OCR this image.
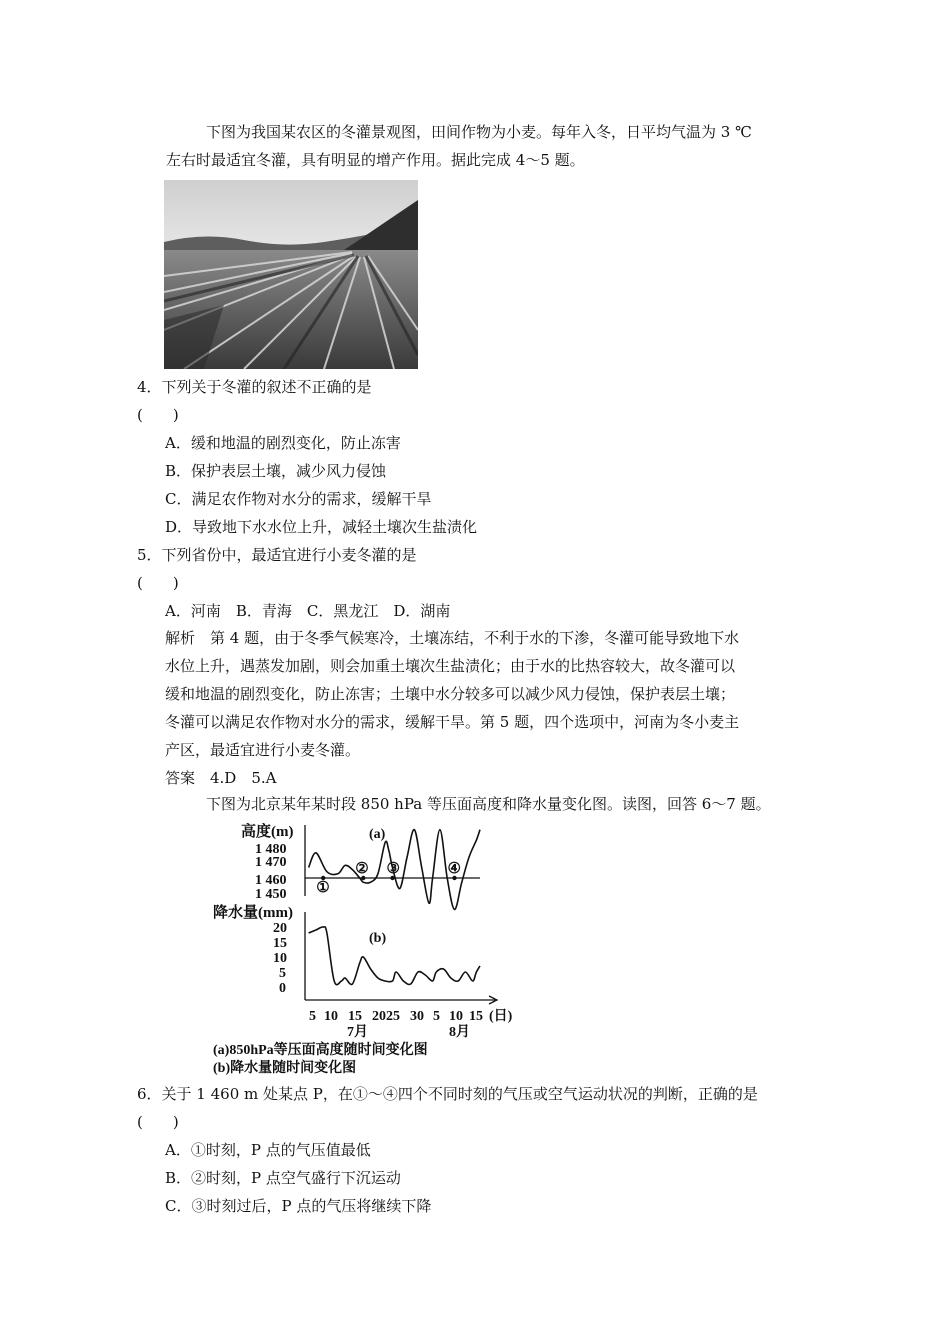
下图为我国某农区的冬灌景观图，田间作物为小麦。每年入冬，日平均气温为 3 ℃
左右时最适宜冬灌，具有明显的增产作用。据此完成 4～5 题。
4．下列关于冬灌的叙述不正确的是
(　　)
A．缓和地温的剧烈变化，防止冻害
B．保护表层土壤，减少风力侵蚀
C．满足农作物对水分的需求，缓解干旱
D．导致地下水水位上升，减轻土壤次生盐渍化
5．下列省份中，最适宜进行小麦冬灌的是
(　　)
A．河南　B．青海　C．黑龙江　D．湖南
解析　第 4 题，由于冬季气候寒冷，土壤冻结，不利于水的下渗，冬灌可能导致地下水
水位上升，遇蒸发加剧，则会加重土壤次生盐渍化；由于水的比热容较大，故冬灌可以
缓和地温的剧烈变化，防止冻害；土壤中水分较多可以减少风力侵蚀，保护表层土壤；
冬灌可以满足农作物对水分的需求，缓解干旱。第 5 题，四个选项中，河南为冬小麦主
产区，最适宜进行小麦冬灌。
答案　4.D　5.A
下图为北京某年某时段 850 hPa 等压面高度和降水量变化图。读图，回答 6～7 题。
高度(m)	(a)
1 480
1 470
1 460
1 450 ①
② ③	④
降水量(mm)
(b)
20
15
10
5
0
5 10 15 20 25 30 5 10 15 (日)
7月	8月
(a)850hPa等压面高度随时间变化图
(b)降水量随时间变化图
6．关于 1 460 m 处某点 P，在①～④四个不同时刻的气压或空气运动状况的判断，正确的是
(　　)
A．①时刻，P 点的气压值最低
B．②时刻，P 点空气盛行下沉运动
C．③时刻过后，P 点的气压将继续下降
